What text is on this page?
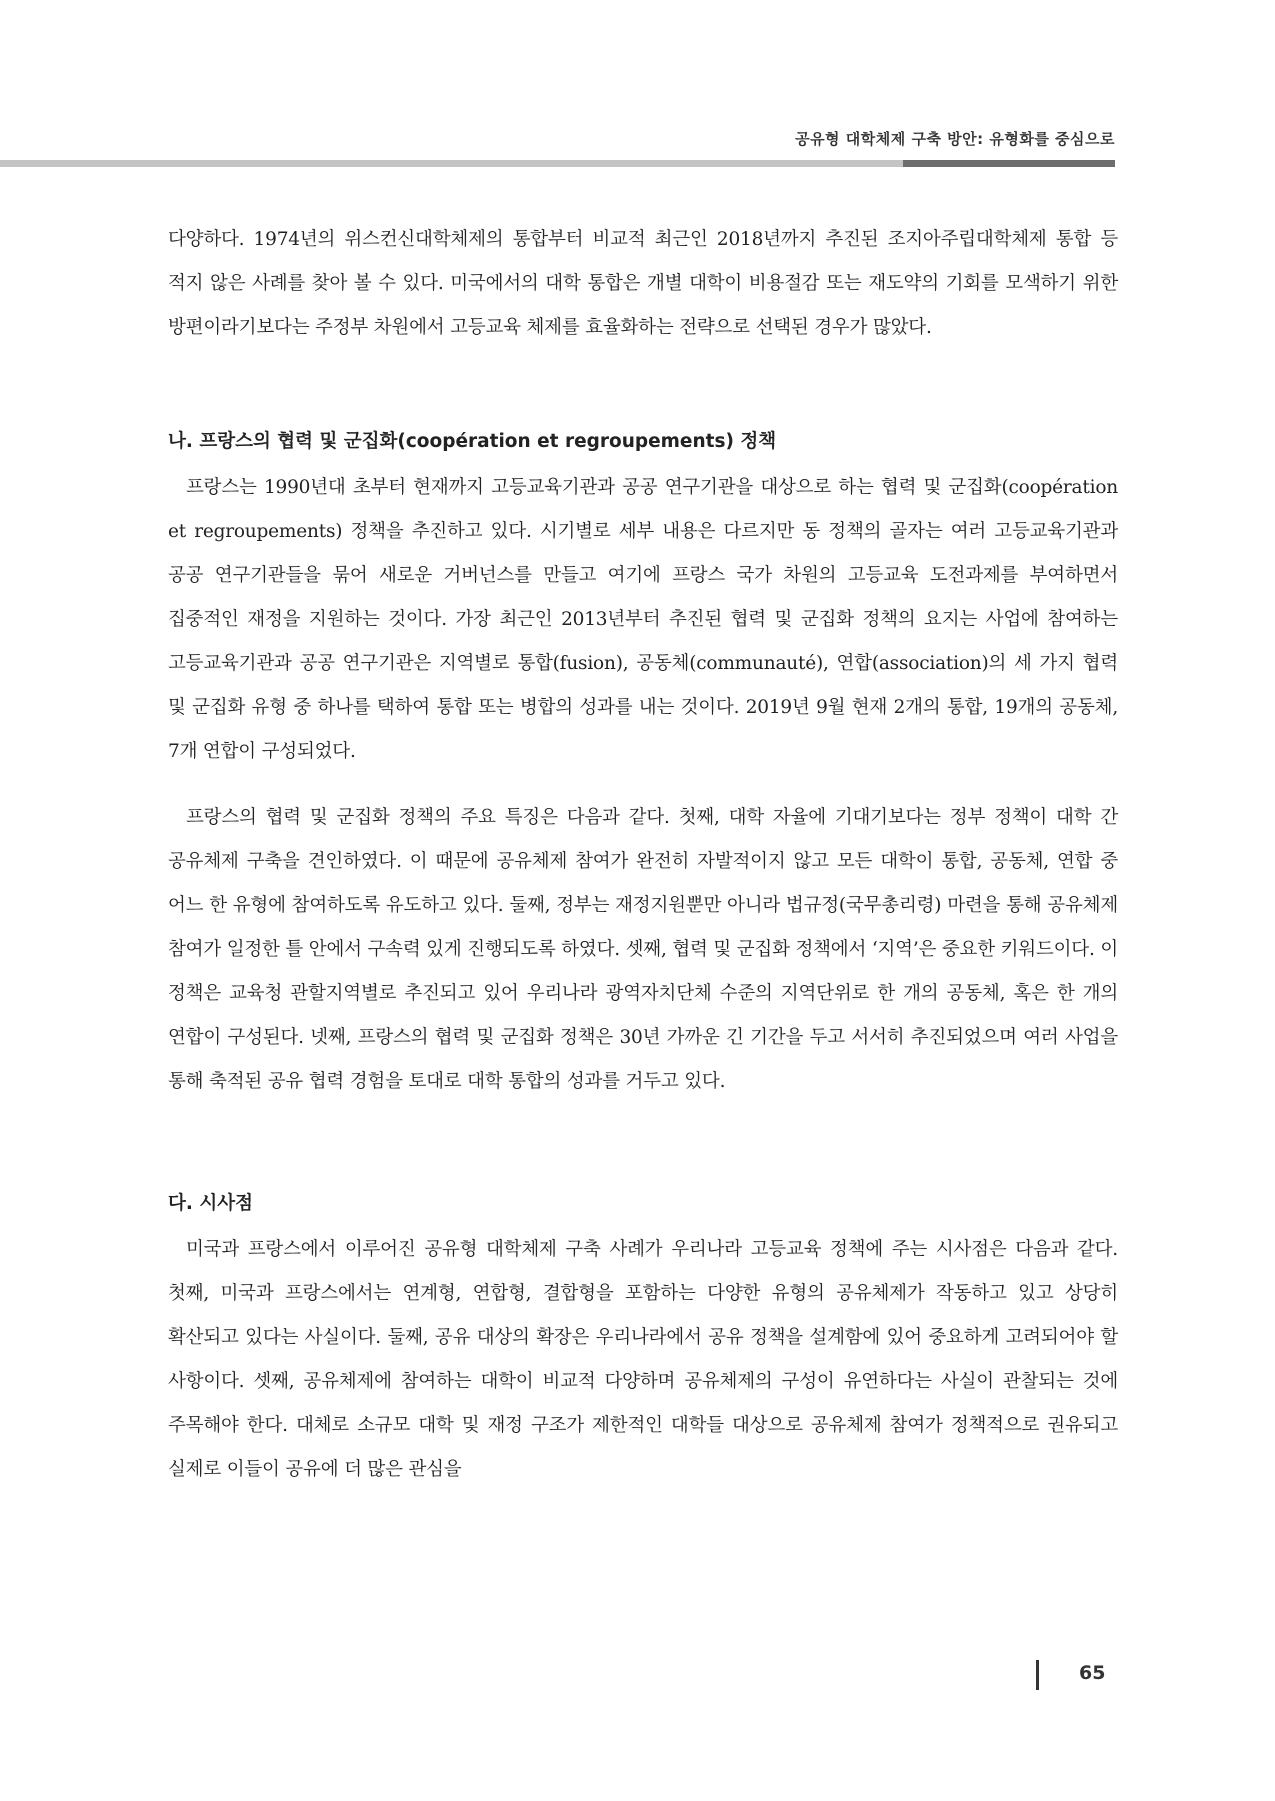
공유형 대학체제 구축 방안: 유형화를 중심으로

다양하다. 1974년의 위스컨신대학체제의 통합부터 비교적 최근인 2018년까지 추진된 조지아주립대학체제 통합 등 적지 않은 사례를 찾아 볼 수 있다. 미국에서의 대학 통합은 개별 대학이 비용절감 또는 재도약의 기회를 모색하기 위한 방편이라기보다는 주정부 차원에서 고등교육 체제를 효율화하는 전략으로 선택된 경우가 많았다.

나. 프랑스의 협력 및 군집화(coopération et regroupements) 정책

프랑스는 1990년대 초부터 현재까지 고등교육기관과 공공 연구기관을 대상으로 하는 협력 및 군집화(coopération et regroupements) 정책을 추진하고 있다. 시기별로 세부 내용은 다르지만 동 정책의 골자는 여러 고등교육기관과 공공 연구기관들을 묶어 새로운 거버넌스를 만들고 여기에 프랑스 국가 차원의 고등교육 도전과제를 부여하면서 집중적인 재정을 지원하는 것이다. 가장 최근인 2013년부터 추진된 협력 및 군집화 정책의 요지는 사업에 참여하는 고등교육기관과 공공 연구기관은 지역별로 통합(fusion), 공동체(communauté), 연합(association)의 세 가지 협력 및 군집화 유형 중 하나를 택하여 통합 또는 병합의 성과를 내는 것이다. 2019년 9월 현재 2개의 통합, 19개의 공동체, 7개 연합이 구성되었다.

프랑스의 협력 및 군집화 정책의 주요 특징은 다음과 같다. 첫째, 대학 자율에 기대기보다는 정부 정책이 대학 간 공유체제 구축을 견인하였다. 이 때문에 공유체제 참여가 완전히 자발적이지 않고 모든 대학이 통합, 공동체, 연합 중 어느 한 유형에 참여하도록 유도하고 있다. 둘째, 정부는 재정지원뿐만 아니라 법규정(국무총리령) 마련을 통해 공유체제 참여가 일정한 틀 안에서 구속력 있게 진행되도록 하였다. 셋째, 협력 및 군집화 정책에서 ‘지역’은 중요한 키워드이다. 이 정책은 교육청 관할지역별로 추진되고 있어 우리나라 광역자치단체 수준의 지역단위로 한 개의 공동체, 혹은 한 개의 연합이 구성된다. 넷째, 프랑스의 협력 및 군집화 정책은 30년 가까운 긴 기간을 두고 서서히 추진되었으며 여러 사업을 통해 축적된 공유 협력 경험을 토대로 대학 통합의 성과를 거두고 있다.

다. 시사점

미국과 프랑스에서 이루어진 공유형 대학체제 구축 사례가 우리나라 고등교육 정책에 주는 시사점은 다음과 같다. 첫째, 미국과 프랑스에서는 연계형, 연합형, 결합형을 포함하는 다양한 유형의 공유체제가 작동하고 있고 상당히 확산되고 있다는 사실이다. 둘째, 공유 대상의 확장은 우리나라에서 공유 정책을 설계함에 있어 중요하게 고려되어야 할 사항이다. 셋째, 공유체제에 참여하는 대학이 비교적 다양하며 공유체제의 구성이 유연하다는 사실이 관찰되는 것에 주목해야 한다. 대체로 소규모 대학 및 재정 구조가 제한적인 대학들 대상으로 공유체제 참여가 정책적으로 권유되고 실제로 이들이 공유에 더 많은 관심을

65
